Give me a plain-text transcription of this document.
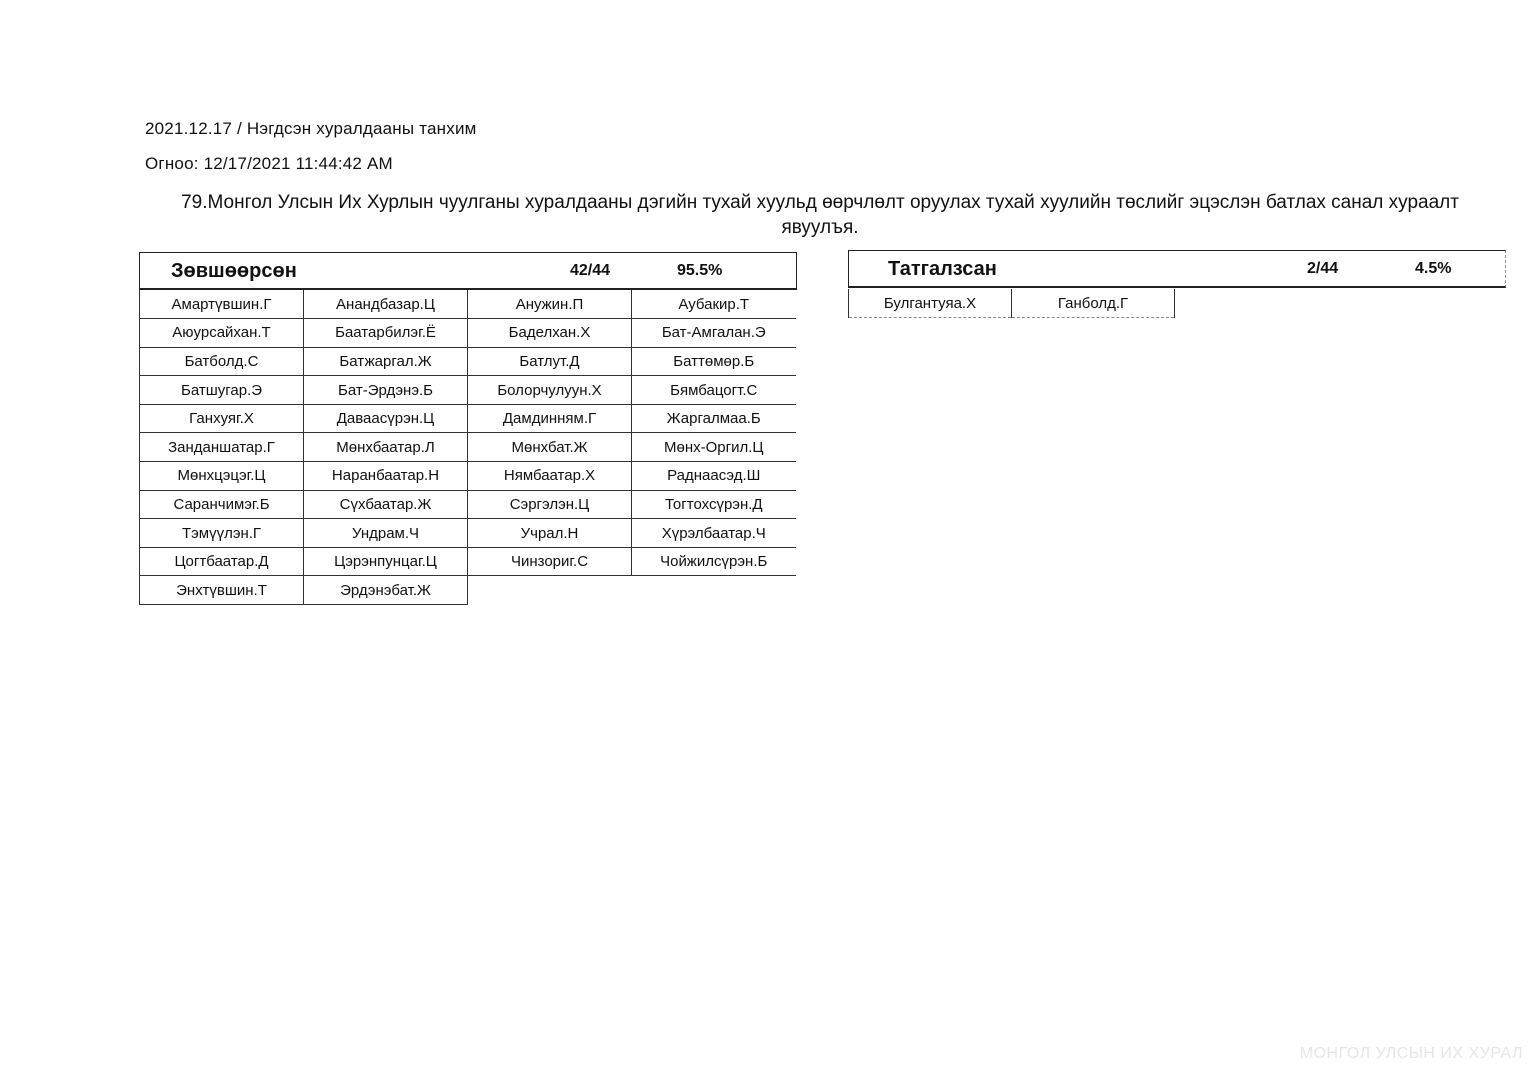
2021.12.17 / Нэгдсэн хуралдааны танхим
Огноо: 12/17/2021 11:44:42 AM
79.Монгол Улсын Их Хурлын чуулганы хуралдааны дэгийн тухай хуульд өөрчлөлт оруулах тухай хуулийн төслийг эцэслэн батлах санал хураалт явуулъя.
Зөвшөөрсөн	42/44	95.5%
Амартүвшин.Г	Анандбазар.Ц	Анужин.П	Аубакир.Т
Аюурсайхан.Т	Баатарбилэг.Ё	Баделхан.Х	Бат-Амгалан.Э
Батболд.С	Батжаргал.Ж	Батлут.Д	Баттөмөр.Б
Батшугар.Э	Бат-Эрдэнэ.Б	Болорчулуун.Х	Бямбацогт.С
Ганхуяг.Х	Даваасүрэн.Ц	Дамдинням.Г	Жаргалмаа.Б
Занданшатар.Г	Мөнхбаатар.Л	Мөнхбат.Ж	Мөнх-Оргил.Ц
Мөнхцэцэг.Ц	Наранбаатар.Н	Нямбаатар.Х	Раднаасэд.Ш
Саранчимэг.Б	Сүхбаатар.Ж	Сэргэлэн.Ц	Тогтохсүрэн.Д
Тэмүүлэн.Г	Ундрам.Ч	Учрал.Н	Хүрэлбаатар.Ч
Цогтбаатар.Д	Цэрэнпунцаг.Ц	Чинзориг.С	Чойжилсүрэн.Б
Энхтүвшин.Т	Эрдэнэбат.Ж		
Татгалзсан	2/44	4.5%
Булгантуяа.Х	Ганболд.Г		
МОНГОЛ УЛСЫН ИХ ХУРАЛ
